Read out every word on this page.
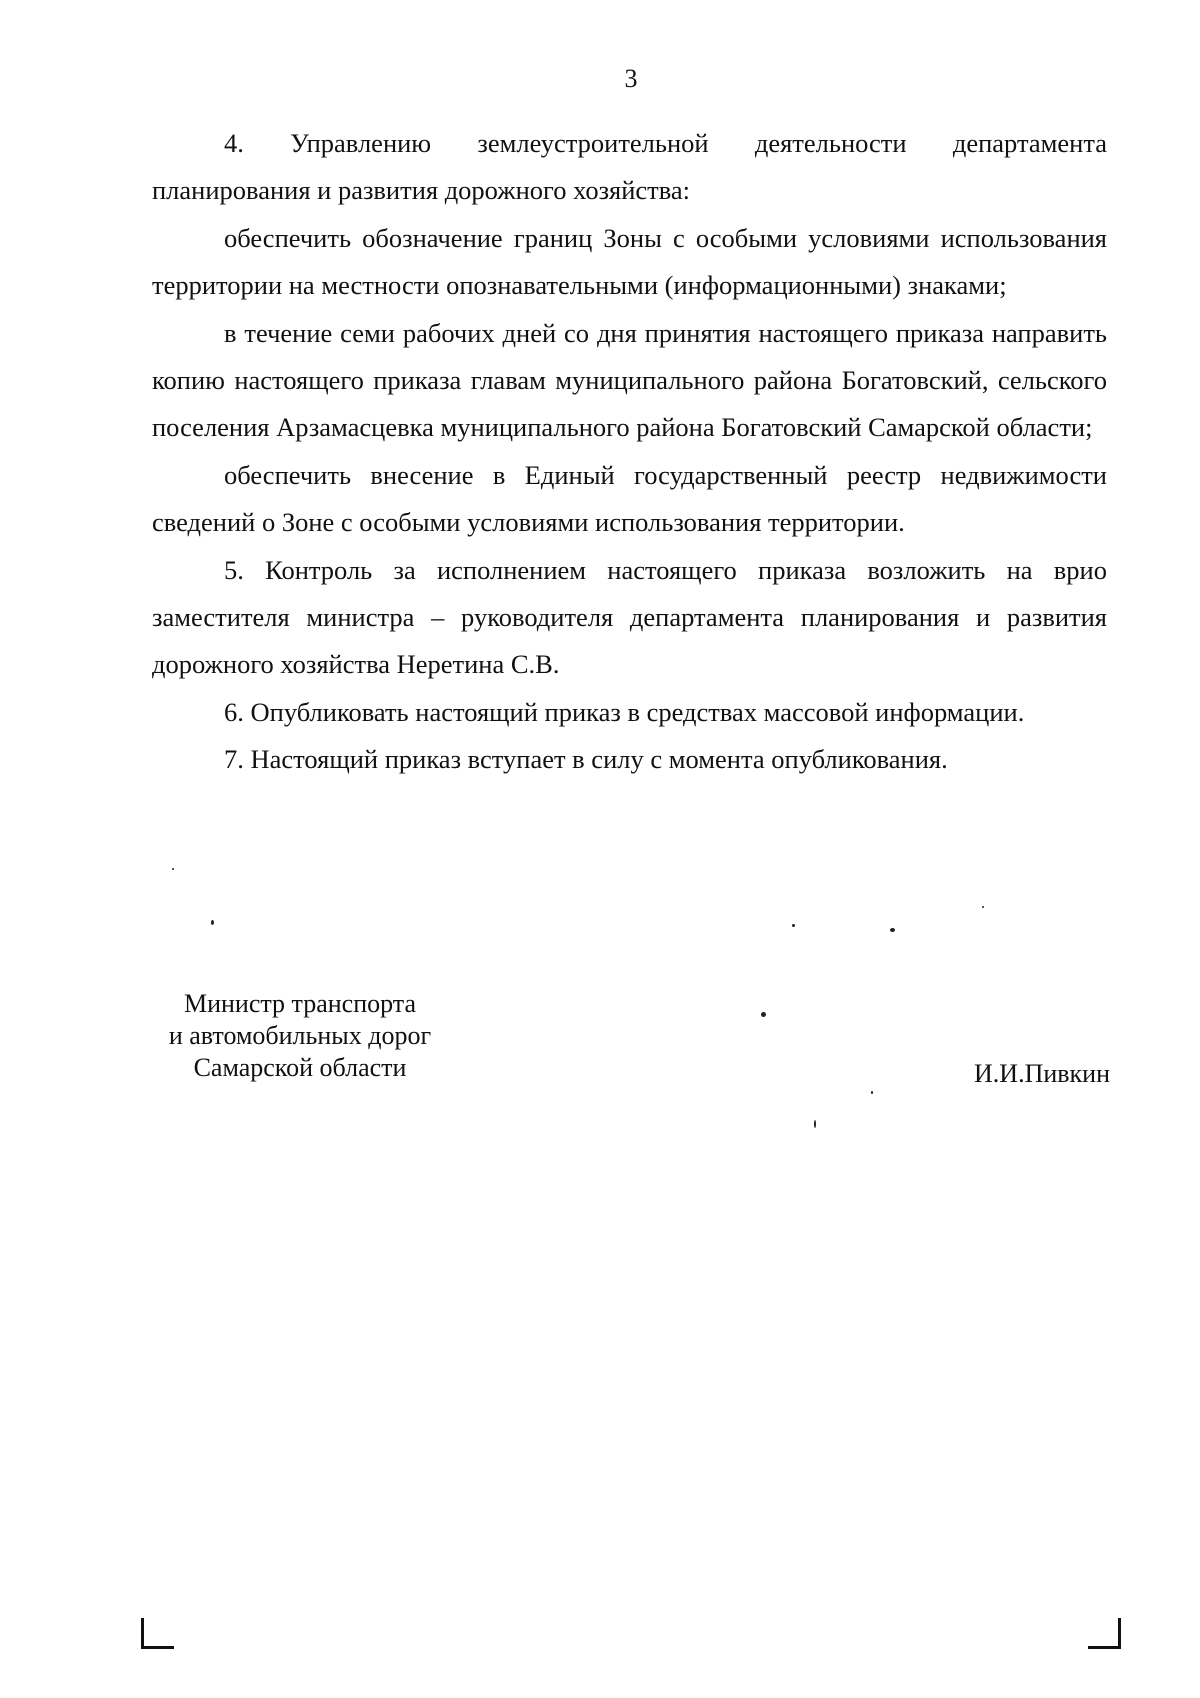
3

4. Управлению землеустроительной деятельности департамента планирования и развития дорожного хозяйства:

обеспечить обозначение границ Зоны с особыми условиями использования территории на местности опознавательными (информационными) знаками;

в течение семи рабочих дней со дня принятия настоящего приказа направить копию настоящего приказа главам муниципального района Богатовский, сельского поселения Арзамасцевка муниципального района Богатовский Самарской области;

обеспечить внесение в Единый государственный реестр недвижимости сведений о Зоне с особыми условиями использования территории.

5. Контроль за исполнением настоящего приказа возложить на врио заместителя министра – руководителя департамента планирования и развития дорожного хозяйства Неретина С.В.

6. Опубликовать настоящий приказ в средствах массовой информации.

7. Настоящий приказ вступает в силу с момента опубликования.

Министр транспорта
и автомобильных дорог
Самарской области	И.И.Пивкин
